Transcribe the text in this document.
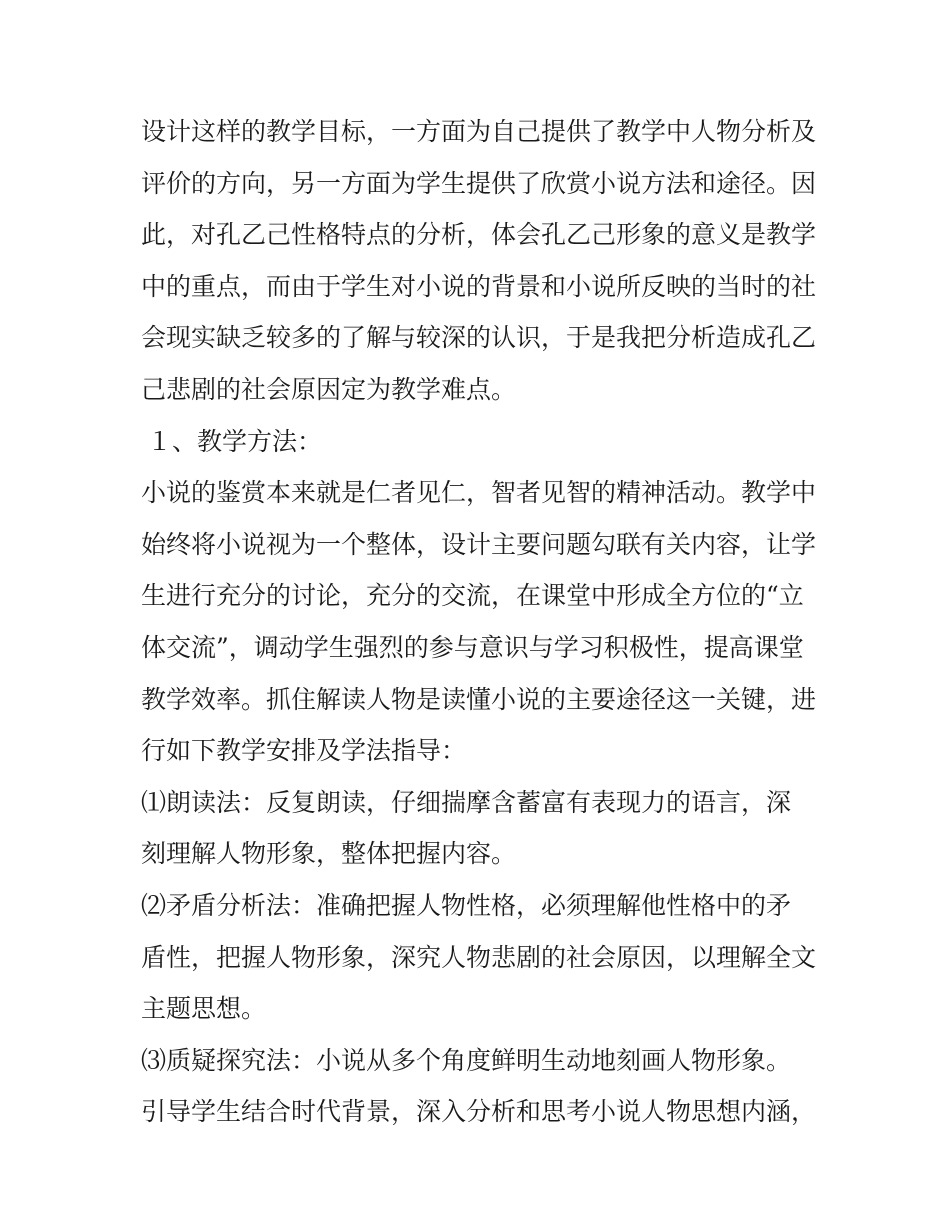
设计这样的教学目标，一方面为自己提供了教学中人物分析及
评价的方向，另一方面为学生提供了欣赏小说方法和途径。因
此，对孔乙己性格特点的分析，体会孔乙己形象的意义是教学
中的重点，而由于学生对小说的背景和小说所反映的当时的社
会现实缺乏较多的了解与较深的认识，于是我把分析造成孔乙
己悲剧的社会原因定为教学难点。
１、教学方法：
小说的鉴赏本来就是仁者见仁，智者见智的精神活动。教学中
始终将小说视为一个整体，设计主要问题勾联有关内容，让学
生进行充分的讨论，充分的交流，在课堂中形成全方位的“立
体交流”，调动学生强烈的参与意识与学习积极性，提高课堂
教学效率。抓住解读人物是读懂小说的主要途径这一关键，进
行如下教学安排及学法指导：
⑴朗读法：反复朗读，仔细揣摩含蓄富有表现力的语言，深
刻理解人物形象，整体把握内容。
⑵矛盾分析法：准确把握人物性格，必须理解他性格中的矛
盾性，把握人物形象，深究人物悲剧的社会原因，以理解全文
主题思想。
⑶质疑探究法：小说从多个角度鲜明生动地刻画人物形象。
引导学生结合时代背景，深入分析和思考小说人物思想内涵，
